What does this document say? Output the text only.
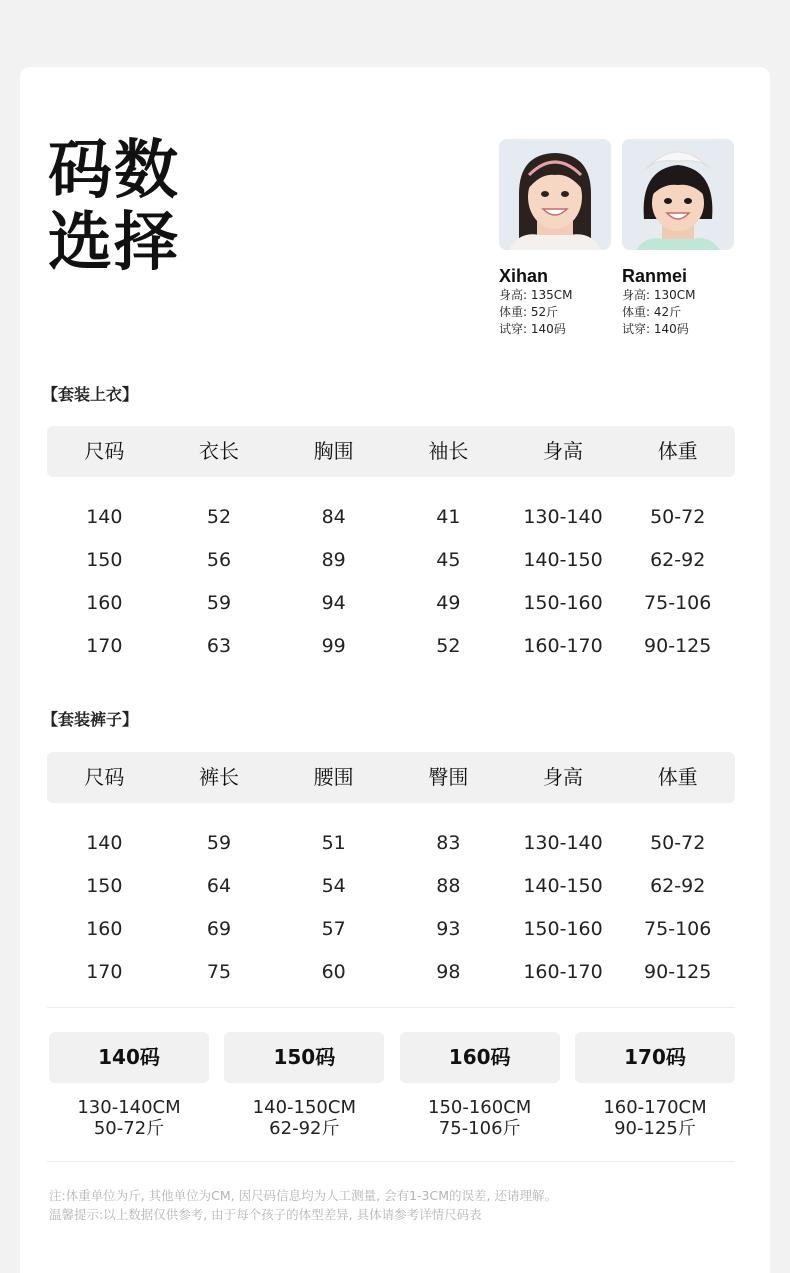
码数
选择	Xihan
身高: 135CM
体重: 52斤
试穿: 140码
Ranmei
身高: 130CM
体重: 42斤
试穿: 140码
【套装上衣】
尺码	衣长	胸围	袖长	身高	体重
140	52	84	41	130-140	50-72
150	56	89	45	140-150	62-92
160	59	94	49	150-160	75-106
170	63	99	52	160-170	90-125
【套装裤子】
尺码	裤长	腰围	臀围	身高	体重
140	59	51	83	130-140	50-72
150	64	54	88	140-150	62-92
160	69	57	93	150-160	75-106
170	75	60	98	160-170	90-125
140码
130-140CM
50-72斤
150码
140-150CM
62-92斤
160码
150-160CM
75-106斤
170码
160-170CM
90-125斤
注:体重单位为斤, 其他单位为CM, 因尺码信息均为人工测量, 会有1-3CM的误差, 还请理解。
温馨提示:以上数据仅供参考, 由于每个孩子的体型差异, 具体请参考详情尺码表
